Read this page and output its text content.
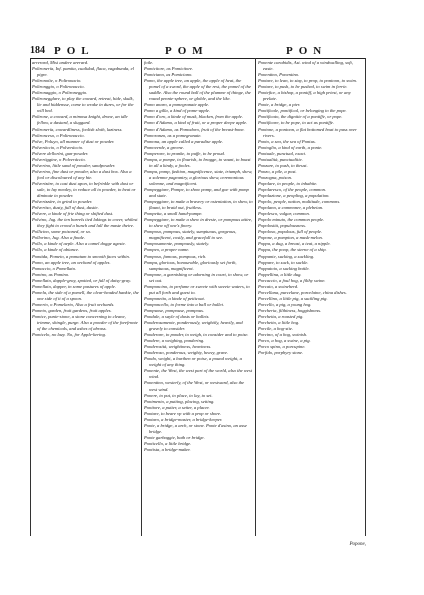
184 POL	POM	PON

arrerard, Misi andere arerard.

Poltronería, Inf. pamita, cualidad, flaca, vagabunda, el pigre.

Poltronoíte, o Poltronacio.

Poltronggio, o Poltronaccio.

Poltronaggio, o Poltroneggio.

Poltronegglare, to play the coward, retreat, hide, skulk, lie and hiddensse, come to wrake in dures, or for the will bed.

Poltrone, a coward, a mimosa knight, drone, an idle fellow, a dastard, a sluggard.

Poltronería, cowardliness, foolish sloth, laziness.

Poltronceso, o Poltronaccio.

Polve, Poluyo, all manner of dust or powder.

Polveráccio, o Polveráccio.

Polvere delloríni, gun-powder.

Polveróggine, o Polveráccio.

Polverino, little sand of powder, sandpowder.

Polverino, fine dust or powder, also a dust box. Also a fool or discoloured of any hie.

Polverizáre, to cast dust upon, to befrinkle with dust or sale, to lay mealey, to reduce all to powder, to beat or diminute to powder.

Polverizzáre, to grind to powder.

Polveróso, dusty, full of dust, dustie.

Polvere, a kinde of frie thing or shifted dust.

Polvino, Jug. the ten barrels tied lakings to cover, whilest they fight to crowd a hunch and lall the maste theire.

Pollicino, some poisoned, or so.

Pollorino, Jug. Also a finale.

Pollo, a kinde of aeple. Also a camel dogge ageste.

Pollo, a kinde of abiance.

Pomáda, Pometo, a pomatum to smooth faces within.

Pomo, an apple tree, an orchard of apples.

Pomaccio, o Pomellato.

Pomino, as Pomino.

Pomellato, dapple-gray, spotted, or full of daisy-gray.

Pomellato, dapper, in some pastures of apple.

Pomela, the side of a pomell, the clear-headed hankie, the one side of it of a spoon.

Pomerio, o Pomelario, Also a fruit orchards.

Pometo, garden, fruit gardens, fruit apples.

Pomice, punie-stone, a stone concerning to cleane, trimme, shingle, purge. Also a powder of the forefronte of the chemicals, and ashes of abrass.

Pomicelo, no lazy. No, for Apple-kering.

foile.

Pomicitore, as Pomicitore.

Pomiciano, as Pomiciano.

Pomo, the apple tree, an apple, the apple of heat, the pomel of a sword, the apple of the rest, the pomel of the saddle. Also the round ball of the plumme of thinge, the round pennie-sphere, or globle, and the like.

Pomo anaro, a pomegranate apple.

Pomo a gilla, a kind of pome-apple.

Pomo d'oro, a kinde of musk, blacken, from the apple.

Pomo d'Adamo, a kind of fruit, or a proper deepe apple.

Pomo d'Adamo, as Pomodoro, fruit of the breast-bone.

Pomoranzo, as a pomegranate.

Pomona, an apple called a paradise apple.

Pomoverde, a greene.

Pomperare, to pranke, to puffe, to be proud.

Pompa, a pompe, to flourish, to bragge, to vaunt, to boast in all a kindy, a fooles.

Pompa, pomp, fashion, magnificence, state, triumph, shew, a solemne pageantry, a glorious shew, ceremonious solemne, and magnificent.

Pompeggiare, Pompe, to show pomp, and goe with pomp and state.

Pompeggiare, to make a bravery or ostentation, to shew, to flaunt, to braid out, fruitless.

Pompetta, a small hand-pumpe.

Pompeggiare, to make a shew in dreste, or pompous attire, to shew off one's finery.

Pomposo, pompous, stately, sumptuous, gorgeous, magnificent, costly, and gracefull to see.

Pomposamente, pompously, stately.

Pompeo, a proper name.

Pomposo, famous, pompous, rich.

Pompa, glorious, honourable, gloriously set forth, sumptuous, magnificent.

Pompone, a garnishing or adorning in court, to show, or set out.

Pomponcino, to perfume or sweete with sweete waters, to put all forth and guest to.

Pomponetto, a kinde of petticoat.

Pomponcello, to forme into a ball or bullet.

Pompuose, pompouse, pompous.

Pondale, a sayle of dusts or ballets.

Ponderosamente, ponderously, weightily, heavily, and gravely to consider.

Ponderare, to ponder, to weigh, to consider and to poise.

Pondere, a weighing, pondering.

Ponderosità, weightiness, heaviness.

Ponderoso, ponderous, weighty, heavy, grave.

Pondo, weight, a burthen or poise, a pound weight, a weight of any thing.

Ponente, the West, the west part of the world, also the west wind.

Ponentino, westerly, of the West, or westward, also the west wind.

Ponere, to put, to place, to lay, to set.

Ponimento, a putting, placing, setting.

Ponitore, a putter, a setter, a placer.

Pontare, to beare vp with a prop or shore.

Pontaro, a bridge-master, a bridge-keeper.

Ponte, a bridge, a arch, or stone. Ponte d'asino, an asse bridge.

Ponte garbaggie, bath or bridge.

Ponticello, a little bridge.

Pontista, a bridge-maker.

Ponente carabidis, Ast. wind of a windwalling, soft, easie.

Ponentino, Ponentino.

Pontare, to lean, to stay, to prop, to pontoon, to swim.

Pontare, to push, to be pushed, to swim in ferrie.

Pontefice, a bishop, a pontiff, a high priest, or any prelate.

Ponte, a bridge, a pier.

Pontificale, pontifical, or belonging to the pope.

Pontificato, the dignitie of a pontiffe, or pope.

Pontificare, to be pope, to act as pontiffe.

Pontone, a pontoon, a flat bottomed boat to pass over rivers.

Ponto, a sea, the sea of Pontus.

Pontoglio, a kind of earth, a ponte.

Pontuale, punctual, exact.

Pontualità, punctualitie.

Ponzare, to push, to thrust.

Ponzo, a pile, a post.

Ponzogna, poison.

Popolare, to people, to inhabite.

Popolaresco, of the people, common.

Popolazione, a peopling, a population.

Popolo, people, nation, multitude, commons.

Popolano, a commoner, a plebeian.

Popolesco, vulgar, common.

Popolo minuto, the common people.

Popolosità, populousness.

Popoloso, populous, full of people.

Popone, a pompion, a musk-melon.

Poppa, a dug, a breast, a teat, a nipple.

Poppa, the poop, the sterne of a ship.

Poppante, sucking, a suckling.

Poppare, to suck, to suckle.

Poppatoio, a sucking bottle.

Poppellina, a little dug.

Porcaccio, a foul hog, a filthy swine.

Porcaio, a swineherd.

Porcellana, purcelane, porcelaine, china dishes.

Porcellino, a little pig, a suckling pig.

Porcello, a pig, a young hog.

Porcheria, filthiness, hoggishness.

Porchetta, a roasted pig.

Porchetto, a little hog.

Porcile, a hog-stie.

Porcino, of a hog, swinish.

Porco, a hog, a swine, a pig.

Porco spino, a porcupine.

Porfido, porphyry stone.

Popone,
